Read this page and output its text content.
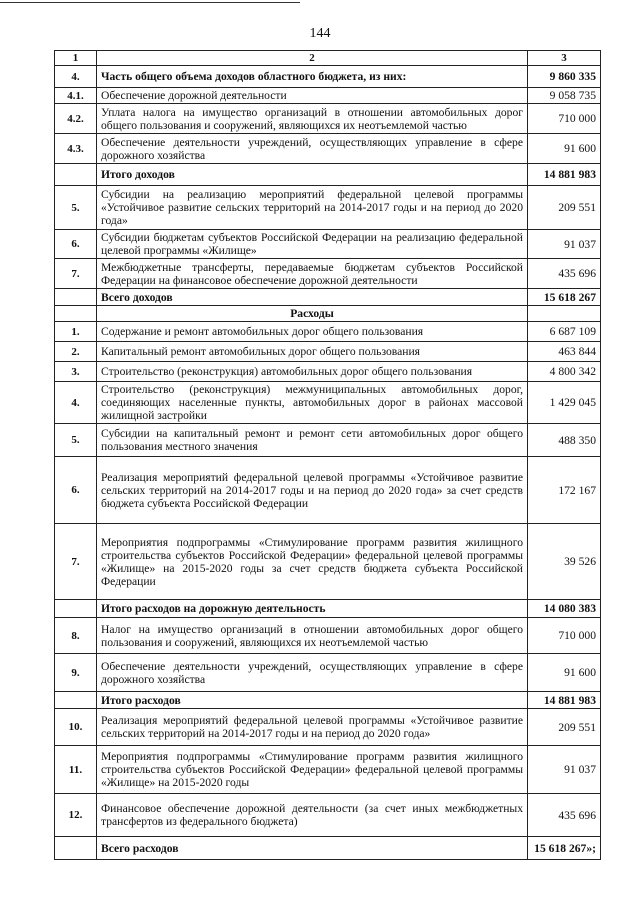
144
1	2	3
4.	Часть общего объема доходов областного бюджета, из них:	9 860 335
4.1.	Обеспечение дорожной деятельности	9 058 735
4.2.	Уплата налога на имущество организаций в отношении автомобильных дорог общего пользования и сооружений, являющихся их неотъемлемой частью	710 000
4.3.	Обеспечение деятельности учреждений, осуществляющих управление в сфере дорожного хозяйства	91 600
	Итого доходов	14 881 983
5.	Субсидии на реализацию мероприятий федеральной целевой программы «Устойчивое развитие сельских территорий на 2014-2017 годы и на период до 2020 года»	209 551
6.	Субсидии бюджетам субъектов Российской Федерации на реализацию федеральной целевой программы «Жилище»	91 037
7.	Межбюджетные трансферты, передаваемые бюджетам субъектов Российской Федерации на финансовое обеспечение дорожной деятельности	435 696
	Всего доходов	15 618 267
	Расходы	
1.	Содержание и ремонт автомобильных дорог общего пользования	6 687 109
2.	Капитальный ремонт автомобильных дорог общего пользования	463 844
3.	Строительство (реконструкция) автомобильных дорог общего пользования	4 800 342
4.	Строительство (реконструкция) межмуниципальных автомобильных дорог, соединяющих населенные пункты, автомобильных дорог в районах массовой жилищной застройки	1 429 045
5.	Субсидии на капитальный ремонт и ремонт сети автомобильных дорог общего пользования местного значения	488 350
6.	Реализация мероприятий федеральной целевой программы «Устойчивое развитие сельских территорий на 2014-2017 годы и на период до 2020 года» за счет средств бюджета субъекта Российской Федерации	172 167
7.	Мероприятия подпрограммы «Стимулирование программ развития жилищного строительства субъектов Российской Федерации» федеральной целевой программы «Жилище» на 2015-2020 годы за счет средств бюджета субъекта Российской Федерации	39 526
	Итого расходов на дорожную деятельность	14 080 383
8.	Налог на имущество организаций в отношении автомобильных дорог общего пользования и сооружений, являющихся их неотъемлемой частью	710 000
9.	Обеспечение деятельности учреждений, осуществляющих управление в сфере дорожного хозяйства	91 600
	Итого расходов	14 881 983
10.	Реализация мероприятий федеральной целевой программы «Устойчивое развитие сельских территорий на 2014-2017 годы и на период до 2020 года»	209 551
11.	Мероприятия подпрограммы «Стимулирование программ развития жилищного строительства субъектов Российской Федерации» федеральной целевой программы «Жилище» на 2015-2020 годы	91 037
12.	Финансовое обеспечение дорожной деятельности (за счет иных межбюджетных трансфертов из федерального бюджета)	435 696
	Всего расходов	15 618 267»;
